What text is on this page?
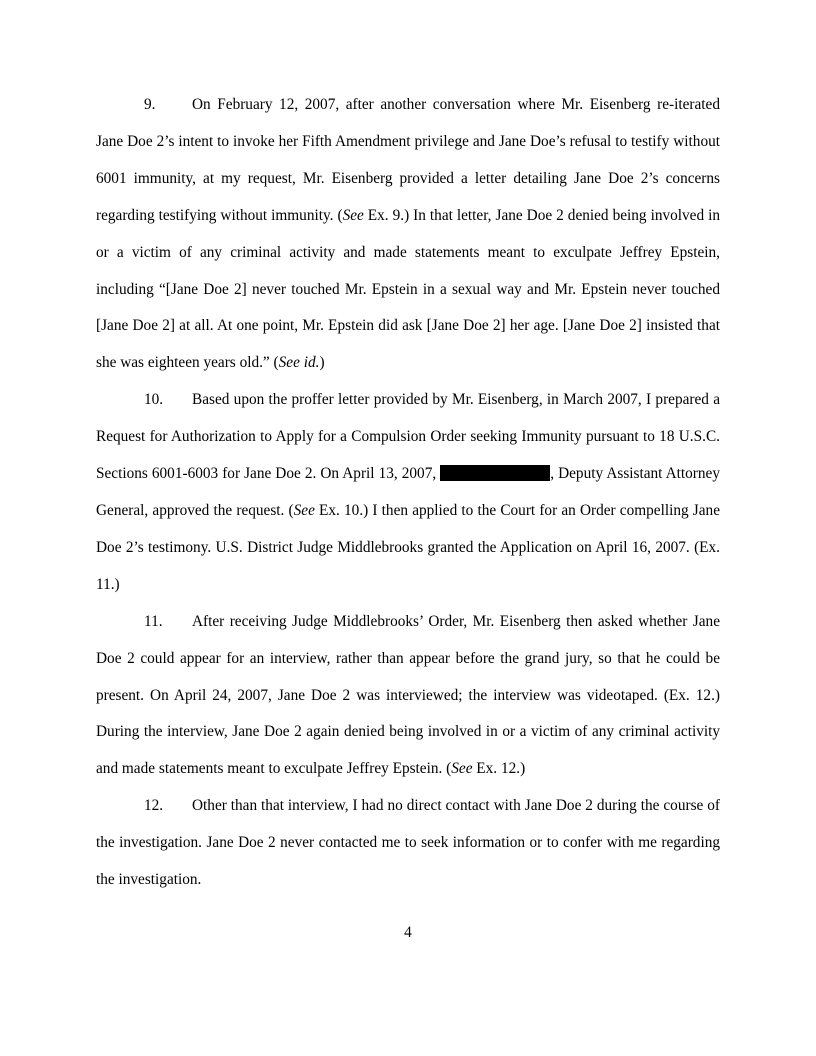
9. On February 12, 2007, after another conversation where Mr. Eisenberg re-iterated Jane Doe 2’s intent to invoke her Fifth Amendment privilege and Jane Doe’s refusal to testify without 6001 immunity, at my request, Mr. Eisenberg provided a letter detailing Jane Doe 2’s concerns regarding testifying without immunity. (See Ex. 9.) In that letter, Jane Doe 2 denied being involved in or a victim of any criminal activity and made statements meant to exculpate Jeffrey Epstein, including “[Jane Doe 2] never touched Mr. Epstein in a sexual way and Mr. Epstein never touched [Jane Doe 2] at all. At one point, Mr. Epstein did ask [Jane Doe 2] her age. [Jane Doe 2] insisted that she was eighteen years old.” (See id.)

10. Based upon the proffer letter provided by Mr. Eisenberg, in March 2007, I prepared a Request for Authorization to Apply for a Compulsion Order seeking Immunity pursuant to 18 U.S.C. Sections 6001-6003 for Jane Doe 2. On April 13, 2007,	, Deputy Assistant Attorney General, approved the request. (See Ex. 10.) I then applied to the Court for an Order compelling Jane Doe 2’s testimony. U.S. District Judge Middlebrooks granted the Application on April 16, 2007. (Ex. 11.)

11. After receiving Judge Middlebrooks’ Order, Mr. Eisenberg then asked whether Jane Doe 2 could appear for an interview, rather than appear before the grand jury, so that he could be present. On April 24, 2007, Jane Doe 2 was interviewed; the interview was videotaped. (Ex. 12.) During the interview, Jane Doe 2 again denied being involved in or a victim of any criminal activity and made statements meant to exculpate Jeffrey Epstein. (See Ex. 12.)

12. Other than that interview, I had no direct contact with Jane Doe 2 during the course of the investigation. Jane Doe 2 never contacted me to seek information or to confer with me regarding the investigation.

4
